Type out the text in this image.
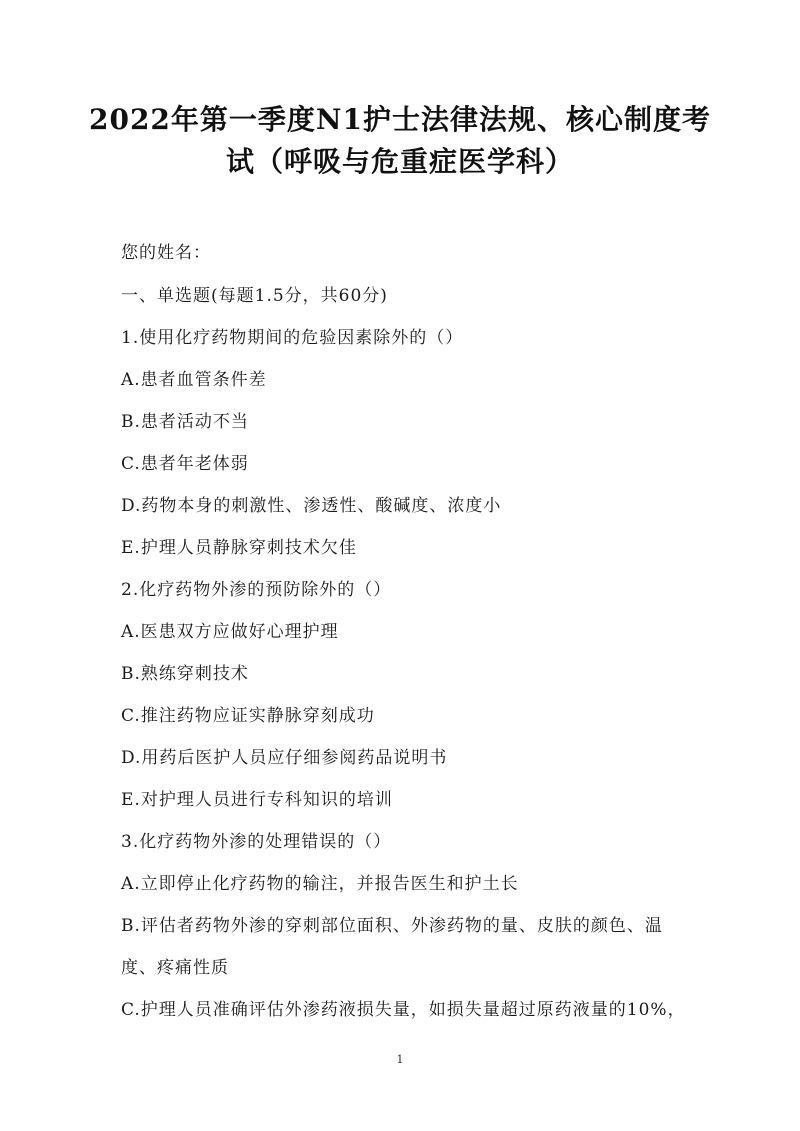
2022年第一季度N1护士法律法规、核心制度考
试（呼吸与危重症医学科）
您的姓名：
一、单选题(每题1.5分，共60分)
1.使用化疗药物期间的危验因素除外的（）
A.患者血管条件差
B.患者活动不当
C.患者年老体弱
D.药物本身的刺激性、渗透性、酸碱度、浓度小
E.护理人员静脉穿刺技术欠佳
2.化疗药物外渗的预防除外的（）
A.医患双方应做好心理护理
B.熟练穿刺技术
C.推注药物应证实静脉穿刻成功
D.用药后医护人员应仔细参阅药品说明书
E.对护理人员进行专科知识的培训
3.化疗药物外渗的处理错误的（）
A.立即停止化疗药物的输注，并报告医生和护土长
B.评估者药物外渗的穿刺部位面积、外渗药物的量、皮肤的颜色、温
度、疼痛性质
C.护理人员准确评估外渗药液损失量，如损失量超过原药液量的10%，
1
